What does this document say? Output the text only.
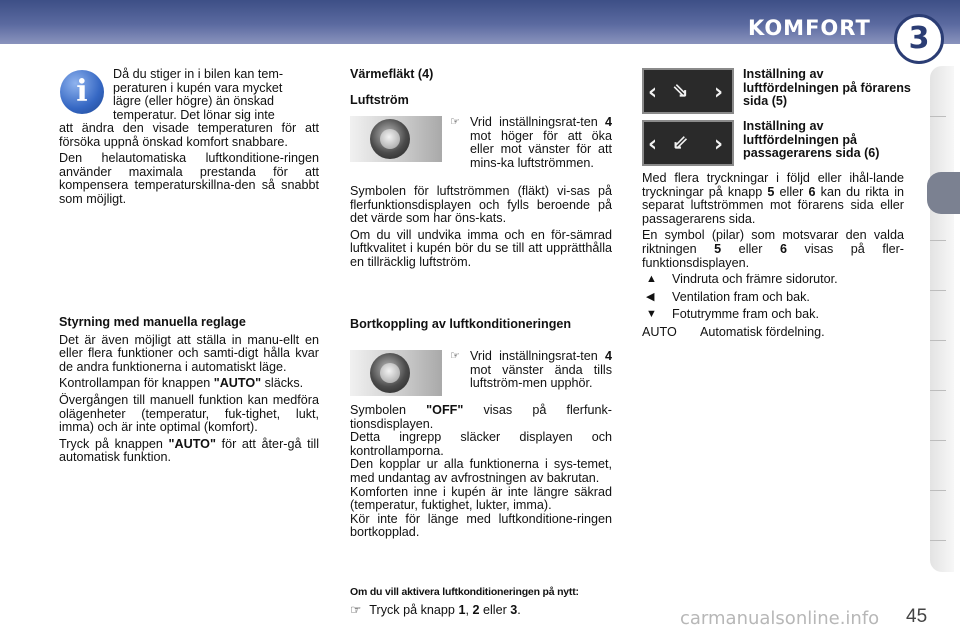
KOMFORT	3
i	Då du stiger in i bilen kan tem-
peraturen i kupén vara mycket
lägre (eller högre) än önskad
temperatur. Det lönar sig inte

att ändra den visade temperaturen för att försöka uppnå önskad komfort snabbare.

Den helautomatiska luftkonditione-ringen använder maximala prestanda för att kompensera temperaturskillna-den så snabbt som möjligt.

Styrning med manuella reglage

Det är även möjligt att ställa in manu-ellt en eller flera funktioner och samti-digt hålla kvar de andra funktionerna i automatiskt läge.

Kontrollampan för knappen "AUTO" släcks.

Övergången till manuell funktion kan medföra olägenheter (temperatur, fuk-tighet, lukt, imma) och är inte optimal (komfort).

Tryck på knappen "AUTO" för att åter-gå till automatisk funktion.

Värmefläkt (4)

Luftström

☞ Vrid inställningsrat-ten 4 mot höger för att öka eller mot vänster för att mins-ka luftströmmen.

Symbolen för luftströmmen (fläkt) vi-sas på flerfunktionsdisplayen och fylls beroende på det värde som har öns-kats.

Om du vill undvika imma och en för-sämrad luftkvalitet i kupén bör du se till att upprätthålla en tillräcklig luftström.

Bortkoppling av luftkonditioneringen

☞ Vrid inställningsrat-ten 4 mot vänster ända tills luftström-men upphör.

Symbolen "OFF" visas på flerfunk-tionsdisplayen.

Detta ingrepp släcker displayen och kontrollamporna.

Den kopplar ur alla funktionerna i sys-temet, med undantag av avfrostningen av bakrutan.

Komforten inne i kupén är inte längre säkrad (temperatur, fuktighet, lukter, imma).

Kör inte för länge med luftkonditione-ringen bortkopplad.

Om du vill aktivera luftkonditioneringen på nytt:
☞ Tryck på knapp 1, 2 eller 3.
‹ ⇘ ›
Inställning av luftfördelningen på förarens sida (5)
‹ ⇙ ›
Inställning av luftfördelningen på passagerarens sida (6)

Med flera tryckningar i följd eller ihål-lande tryckningar på knapp 5 eller 6 kan du rikta in separat luftströmmen mot förarens sida eller passagerarens sida.

En symbol (pilar) som motsvarar den valda riktningen 5 eller 6 visas på fler-funktionsdisplayen.

▲ Vindruta och främre sidorutor.
◀ Ventilation fram och bak.
▼ Fotutrymme fram och bak.
AUTO Automatisk fördelning.
carmanualsonline.info 45
